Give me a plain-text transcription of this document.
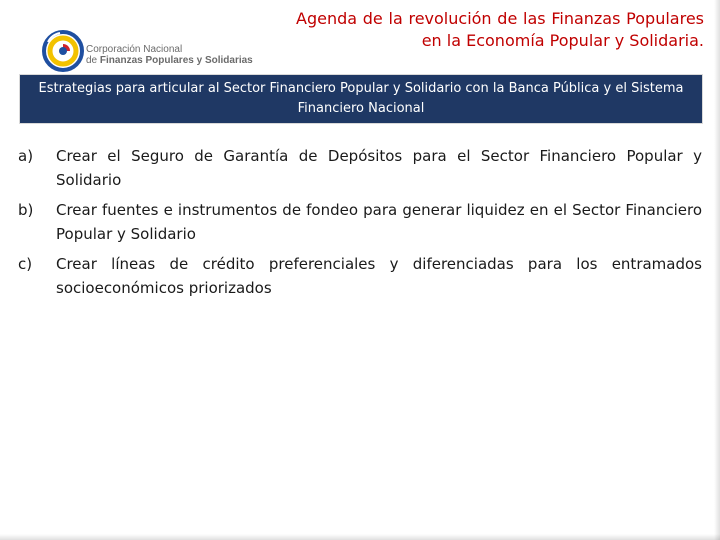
Agenda de la revolución de las Finanzas Populares en la Economía Popular y Solidaria.
Corporación Nacional
de Finanzas Populares y Solidarias
Estrategias para articular al Sector Financiero Popular y Solidario con la Banca Pública y el Sistema Financiero Nacional
a)	Crear el Seguro de Garantía de Depósitos para el Sector Financiero Popular y Solidario
b)	Crear fuentes e instrumentos de fondeo para generar liquidez en el Sector Financiero Popular y Solidario
c)	Crear líneas de crédito preferenciales y diferenciadas para los entramados socioeconómicos priorizados
